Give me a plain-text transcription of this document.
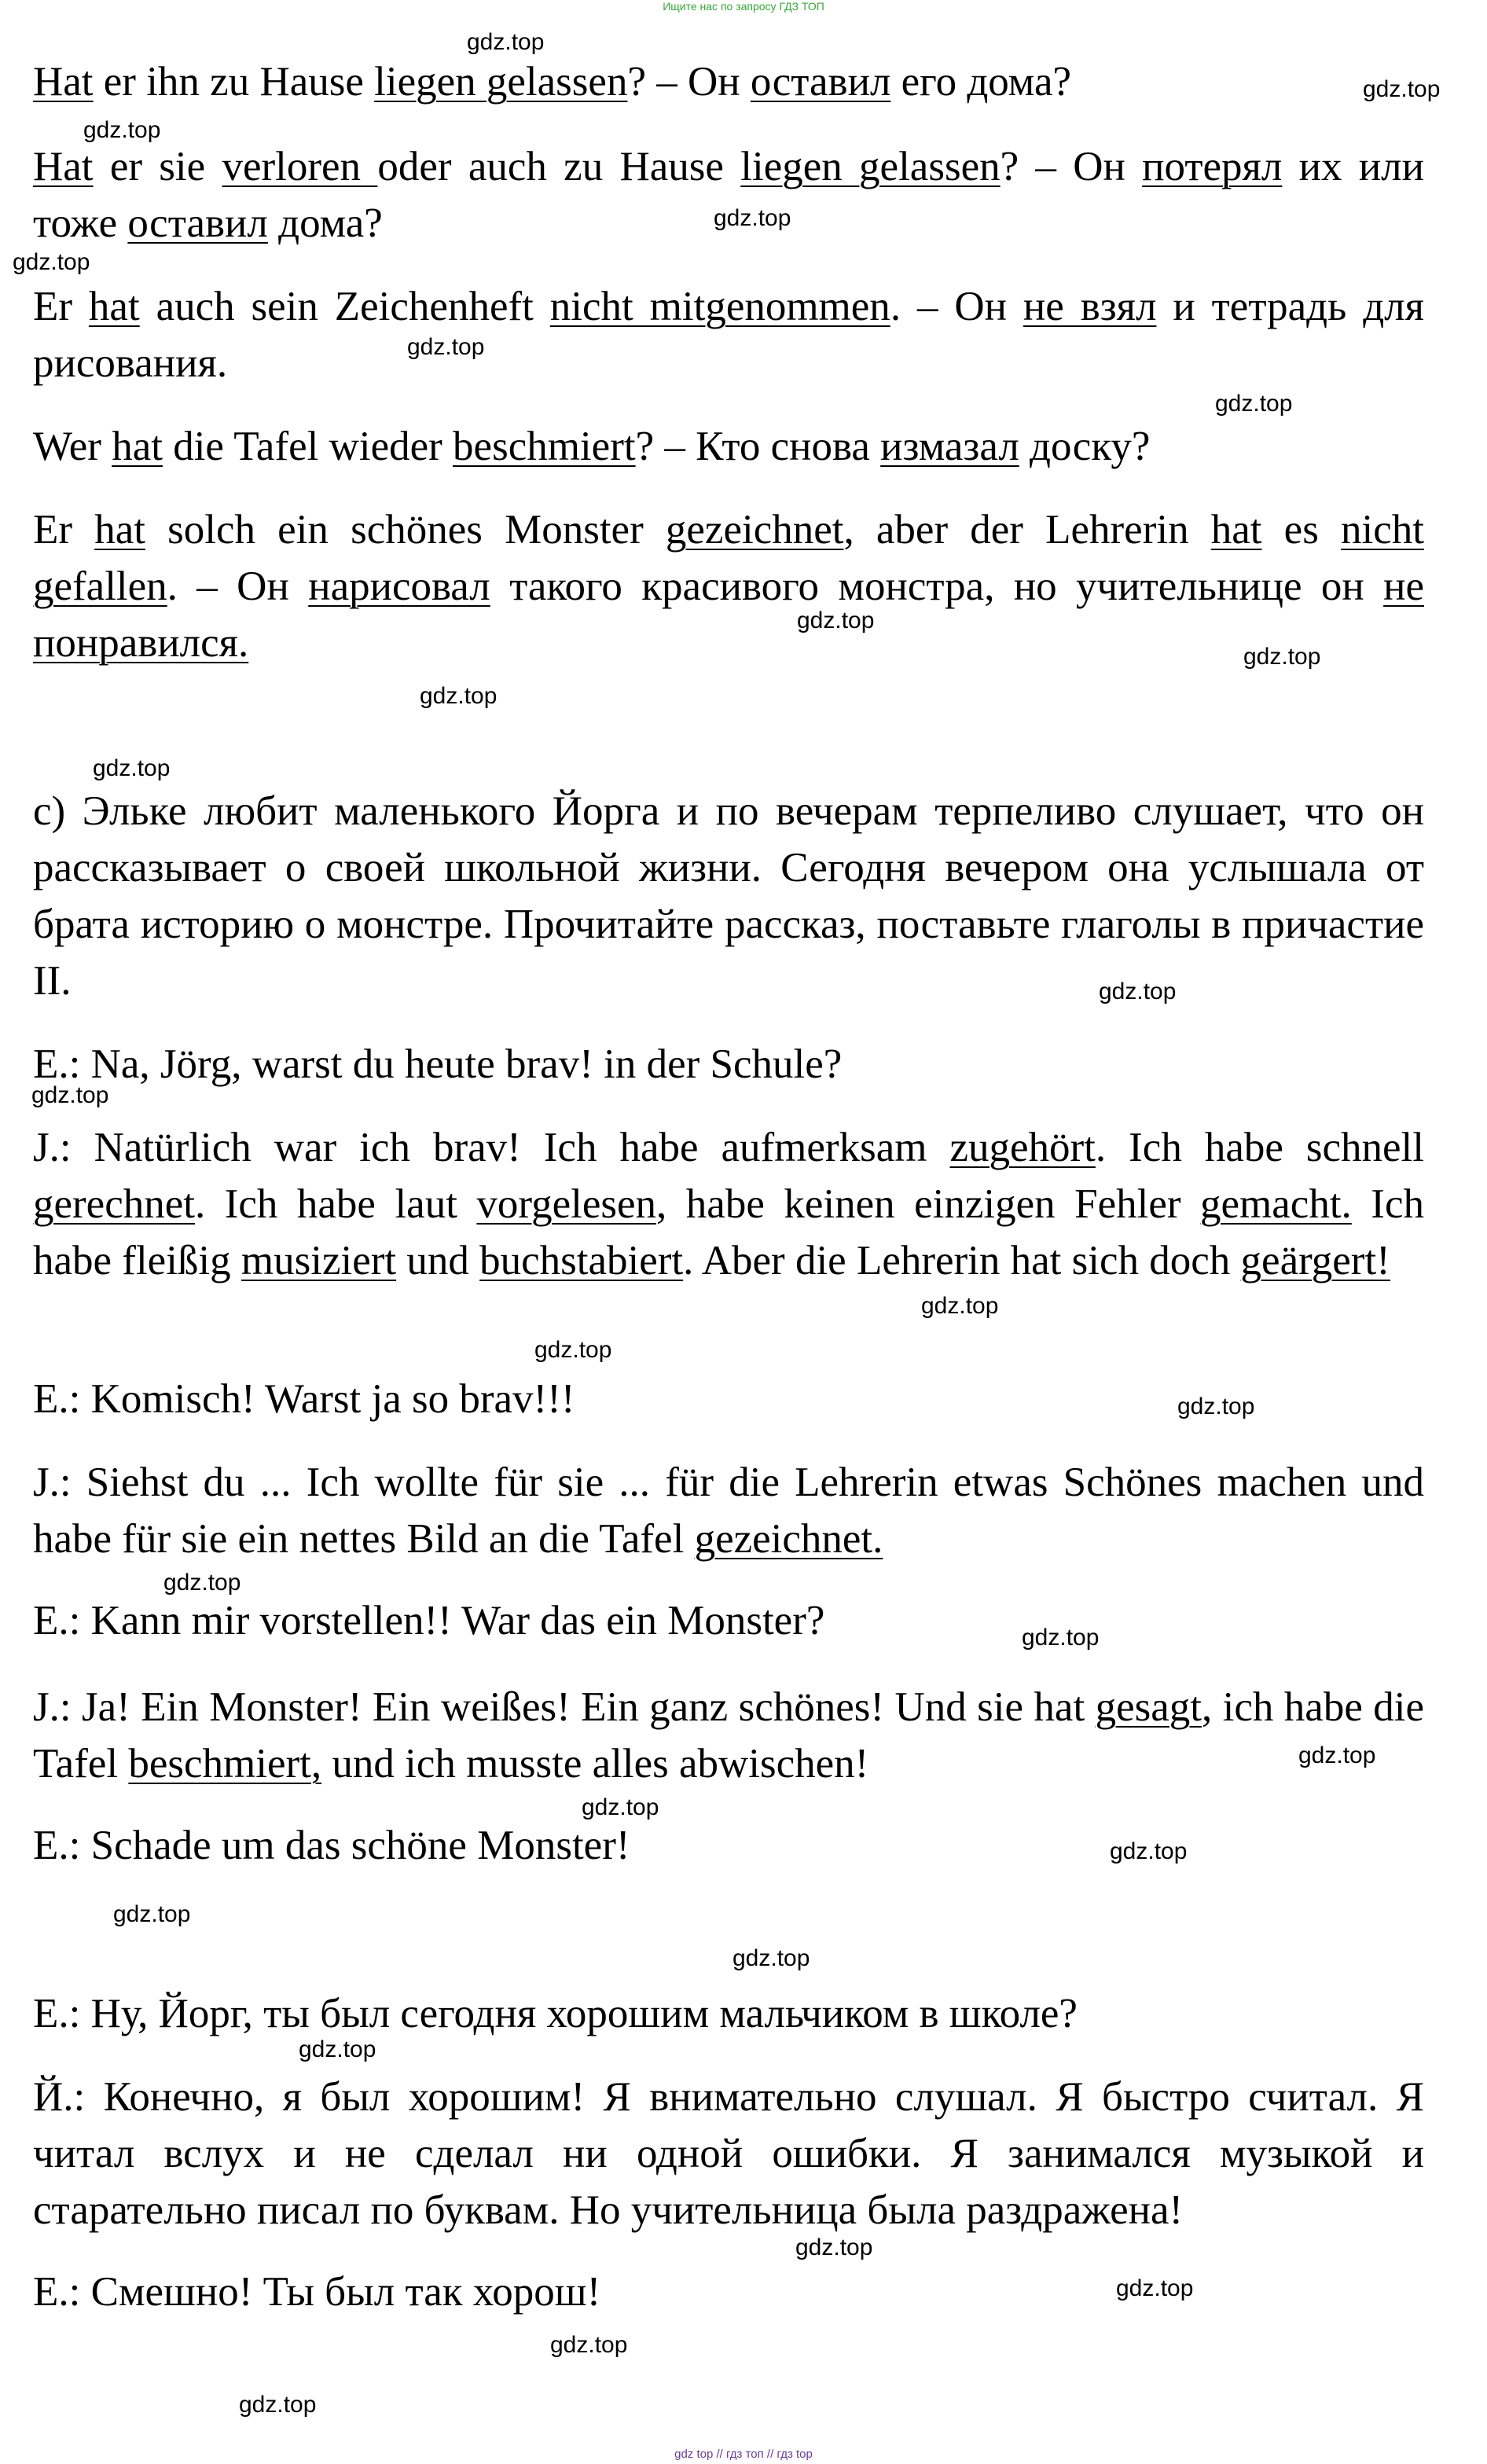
Ищите нас по запросу ГДЗ ТОП

Hat er ihn zu Hause liegen gelassen? – Он оставил его дома?

Hat er sie verloren oder auch zu Hause liegen gelassen? – Он потерял их или тоже оставил дома?

Er hat auch sein Zeichenheft nicht mitgenommen. – Он не взял и тетрадь для рисования.

Wer hat die Tafel wieder beschmiert? – Кто снова измазал доску?

Er hat solch ein schönes Monster gezeichnet, aber der Lehrerin hat es nicht gefallen. – Он нарисовал такого красивого монстра, но учительнице он не понравился.

c) Эльке любит маленького Йорга и по вечерам терпеливо слушает, что он рассказывает о своей школьной жизни. Сегодня вечером она услышала от брата историю о монстре. Прочитайте рассказ, поставьте глаголы в причастие II.

E.: Na, Jörg, warst du heute brav! in der Schule?

J.: Natürlich war ich brav! Ich habe aufmerksam zugehört. Ich habe schnell gerechnet. Ich habe laut vorgelesen, habe keinen einzigen Fehler gemacht. Ich habe fleißig musiziert und buchstabiert. Aber die Lehrerin hat sich doch geärgert!

E.: Komisch! Warst ja so brav!!!

J.: Siehst du ... Ich wollte für sie ... für die Lehrerin etwas Schönes machen und habe für sie ein nettes Bild an die Tafel gezeichnet.

E.: Kann mir vorstellen!! War das ein Monster?

J.: Ja! Ein Monster! Ein weißes! Ein ganz schönes! Und sie hat gesagt, ich habe die Tafel beschmiert, und ich musste alles abwischen!

E.: Schade um das schöne Monster!

Е.: Ну, Йорг, ты был сегодня хорошим мальчиком в школе?

Й.: Конечно, я был хорошим! Я внимательно слушал. Я быстро считал. Я читал вслух и не сделал ни одной ошибки. Я занимался музыкой и старательно писал по буквам. Но учительница была раздражена!

Е.: Смешно! Ты был так хорош!

gdz.top
gdz.top
gdz.top
gdz.top
gdz.top
gdz.top
gdz.top
gdz.top
gdz.top
gdz.top
gdz.top
gdz.top
gdz.top
gdz.top
gdz.top
gdz.top
gdz.top
gdz.top
gdz.top
gdz.top
gdz.top
gdz.top
gdz.top
gdz.top
gdz.top
gdz.top
gdz.top
gdz.top
gdz top // гдз топ // гдз top
